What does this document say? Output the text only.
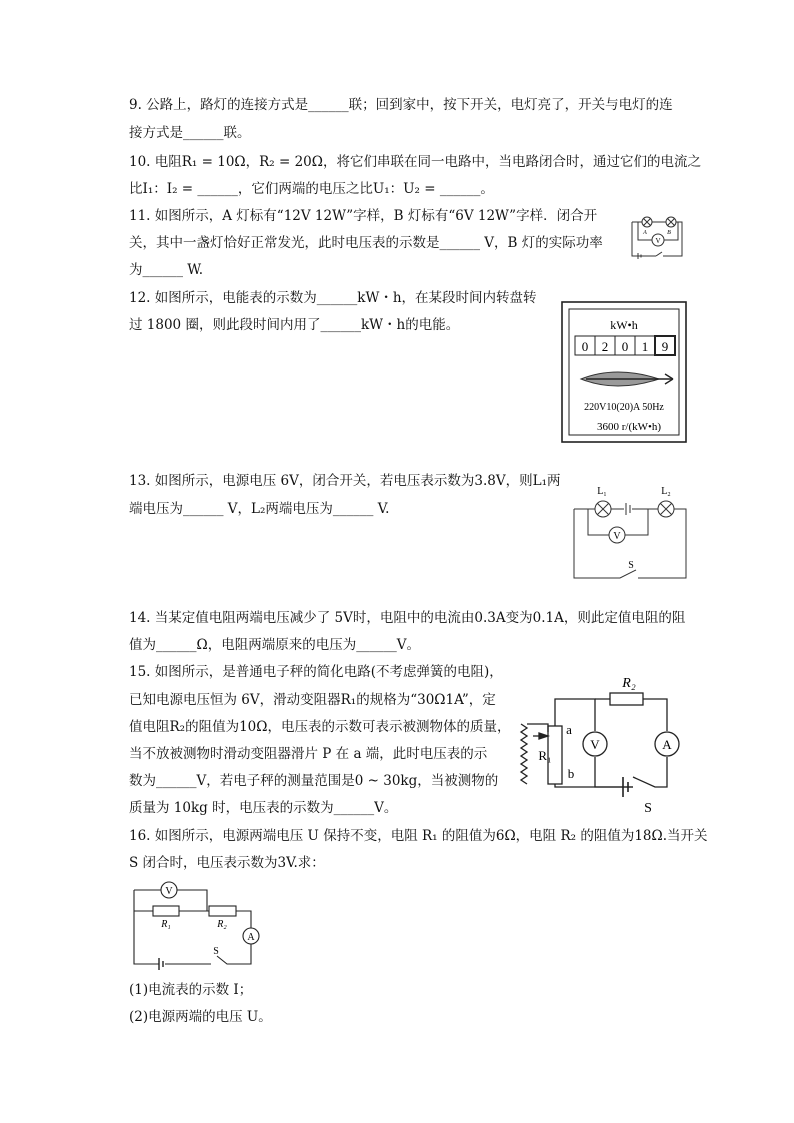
9. 公路上，路灯的连接方式是______联；回到家中，按下开关，电灯亮了，开关与电灯的连
接方式是______联。
10. 电阻R₁ = 10Ω，R₂ = 20Ω，将它们串联在同一电路中，当电路闭合时，通过它们的电流之
比I₁：I₂ = ______，它们两端的电压之比U₁：U₂ = ______。
11. 如图所示，A 灯标有“12V 12W”字样，B 灯标有“6V 12W”字样．闭合开
关，其中一盏灯恰好正常发光，此时电压表的示数是______ V，B 灯的实际功率
为______ W.
A	B
V
12. 如图所示，电能表的示数为______kW・h，在某段时间内转盘转
过 1800 圈，则此段时间内用了______kW・h的电能。	kW•h
0 2 0 1 9
220V10(20)A 50Hz
3600 r/(kW•h)
13. 如图所示，电源电压 6V，闭合开关，若电压表示数为3.8V，则L₁两
端电压为______ V，L₂两端电压为______ V.
L₁	L₂
V
S
14. 当某定值电阻两端电压减少了 5V时，电阻中的电流由0.3A变为0.1A，则此定值电阻的阻
值为______Ω，电阻两端原来的电压为______V。
15. 如图所示，是普通电子秤的简化电路(不考虑弹簧的电阻)，
已知电源电压恒为 6V，滑动变阻器R₁的规格为“30Ω1A”，定
值电阻R₂的阻值为10Ω，电压表的示数可表示被测物体的质量，
当不放被测物时滑动变阻器滑片 P 在 a 端，此时电压表的示
数为______V，若电子秤的测量范围是0 ~ 30kg，当被测物的
质量为 10kg 时，电压表的示数为______V。
R₂
R₁
a
b
V	A
S
16. 如图所示，电源两端电压 U 保持不变，电阻 R₁ 的阻值为6Ω，电阻 R₂ 的阻值为18Ω.当开关
S 闭合时，电压表示数为3V.求：
V
R₁	R₂
A
S
(1)电流表的示数 I；
(2)电源两端的电压 U。
